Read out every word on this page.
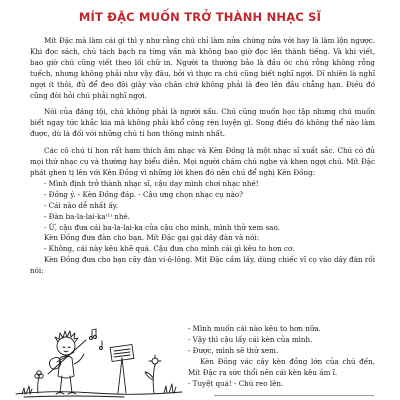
MÍT ĐẶC MUỐN TRỞ THÀNH NHẠC SĨ

Mít Đặc mà làm cái gì thì y như rằng chú chỉ làm nửa chừng nửa với hay là làm lộn ngược. Khi đọc sách, chú tách bạch ra từng vần mà không bao giờ đọc lên thành tiếng. Và khi viết, bao giờ chú cũng viết theo lối chữ in. Người ta thường bảo là đầu óc chú rỗng không rỗng tuếch, nhưng không phải như vậy đâu, bởi vì thực ra chú cũng biết nghĩ ngợi. Dĩ nhiên là nghĩ ngợi ít thôi, đủ để đeo đôi giày vào chân chứ không phải là đeo lên đầu chẳng hạn. Điều đó cũng đòi hỏi chú phải nghĩ ngợi.

Nói của đáng tội, chú không phải là người xấu. Chú cũng muốn học tập nhưng chú muốn biết ngay tức khắc kia mà không phải khổ công rèn luyện gì. Song điều đó không thể nào làm được, dù là đối với những chú tí hon thông minh nhất.

Các cô chú tí hon rất ham thích âm nhạc và Kèn Đồng là một nhạc sĩ xuất sắc. Chú có đủ mọi thứ nhạc cụ và thường hay biểu diễn. Mọi người chăm chú nghe và khen ngợi chú. Mít Đặc phát ghen tị lên với Kèn Đồng vì những lời khen đó nên chú để nghị Kèn Đồng:

- Mình định trở thành nhạc sĩ, cậu dạy mình chơi nhạc nhé!

- Đồng ý. - Kèn Đồng đáp. - Cậu ưng chọn nhạc cụ nào?

- Cái nào dễ nhất ấy.

- Đàn ba-la-lai-ka⁽¹⁾ nhé.

- Ừ, cậu đưa cái ba-la-lai-ka của cậu cho mình, mình thử xem sao.

Kèn Đồng đưa đàn cho bạn. Mít Đặc gại gại dây đàn và nói:

- Không, cái này kêu khẽ quá. Cậu đưa cho mình cái gì kêu to hơn cơ.

Kèn Đồng đưa cho bạn cây đàn vi-ô-lông. Mít Đặc cầm lấy, dùng chiếc vĩ cọ vào dây đàn rồi nói:

- Mình muốn cái nào kêu to hơn nữa.

- Vậy thì cậu lấy cái kèn của mình.

- Được, mình sẽ thử xem.

Kèn Đồng vác cây kèn đồng lớn của chú đến, Mít Đặc ra sức thổi nên cái kèn kêu ầm ĩ.

- Tuyệt quá! - Chú reo lên.
